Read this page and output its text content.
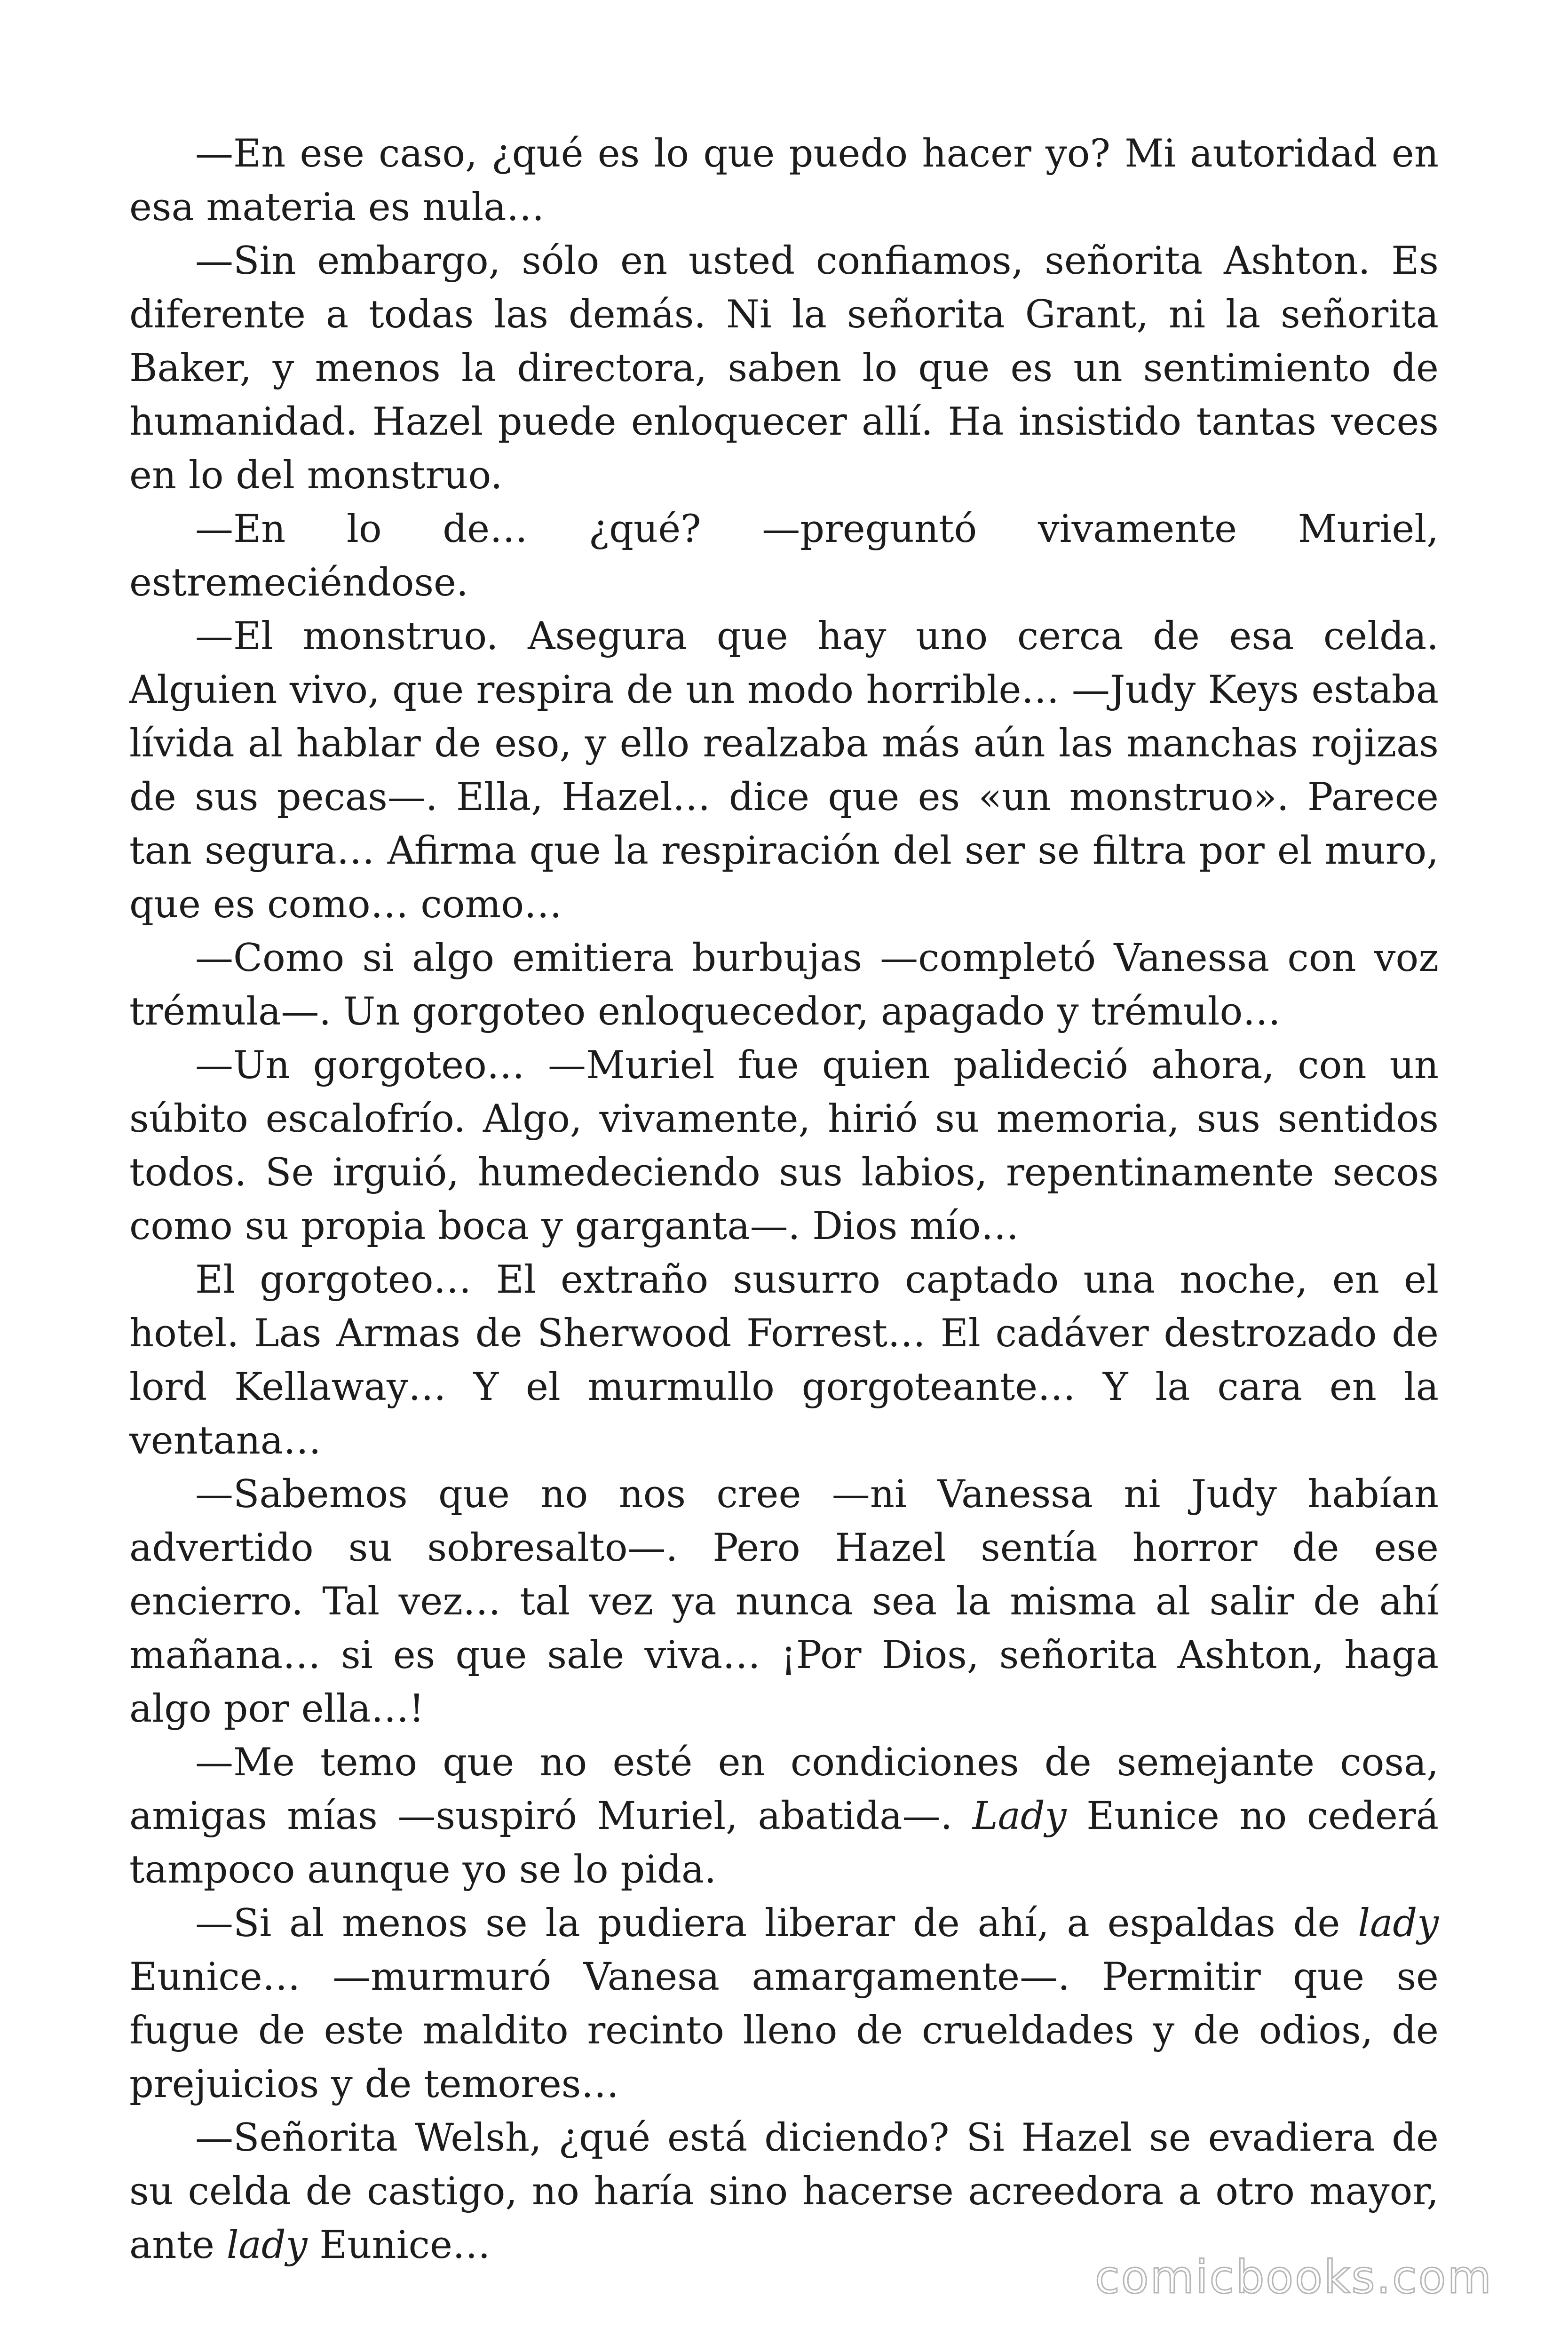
—En ese caso, ¿qué es lo que puedo hacer yo? Mi autoridad en esa materia es nula…

—Sin embargo, sólo en usted confiamos, señorita Ashton. Es diferente a todas las demás. Ni la señorita Grant, ni la señorita Baker, y menos la directora, saben lo que es un sentimiento de humanidad. Hazel puede enloquecer allí. Ha insistido tantas veces en lo del monstruo.

—En lo de… ¿qué? —preguntó vivamente Muriel, estremeciéndose.

—El monstruo. Asegura que hay uno cerca de esa celda. Alguien vivo, que respira de un modo horrible… —Judy Keys estaba lívida al hablar de eso, y ello realzaba más aún las manchas rojizas de sus pecas—. Ella, Hazel… dice que es «un monstruo». Parece tan segura… Afirma que la respiración del ser se filtra por el muro, que es como… como…

—Como si algo emitiera burbujas —completó Vanessa con voz trémula—. Un gorgoteo enloquecedor, apagado y trémulo…

—Un gorgoteo… —Muriel fue quien palideció ahora, con un súbito escalofrío. Algo, vivamente, hirió su memoria, sus sentidos todos. Se irguió, humedeciendo sus labios, repentinamente secos como su propia boca y garganta—. Dios mío…

El gorgoteo… El extraño susurro captado una noche, en el hotel. Las Armas de Sherwood Forrest… El cadáver destrozado de lord Kellaway… Y el murmullo gorgoteante… Y la cara en la ventana…

—Sabemos que no nos cree —ni Vanessa ni Judy habían advertido su sobresalto—. Pero Hazel sentía horror de ese encierro. Tal vez… tal vez ya nunca sea la misma al salir de ahí mañana… si es que sale viva… ¡Por Dios, señorita Ashton, haga algo por ella…!

—Me temo que no esté en condiciones de semejante cosa, amigas mías —suspiró Muriel, abatida—. Lady Eunice no cederá tampoco aunque yo se lo pida.

—Si al menos se la pudiera liberar de ahí, a espaldas de lady Eunice… —murmuró Vanesa amargamente—. Permitir que se fugue de este maldito recinto lleno de crueldades y de odios, de prejuicios y de temores…

—Señorita Welsh, ¿qué está diciendo? Si Hazel se evadiera de su celda de castigo, no haría sino hacerse acreedora a otro mayor, ante lady Eunice…

comicbooks.com
